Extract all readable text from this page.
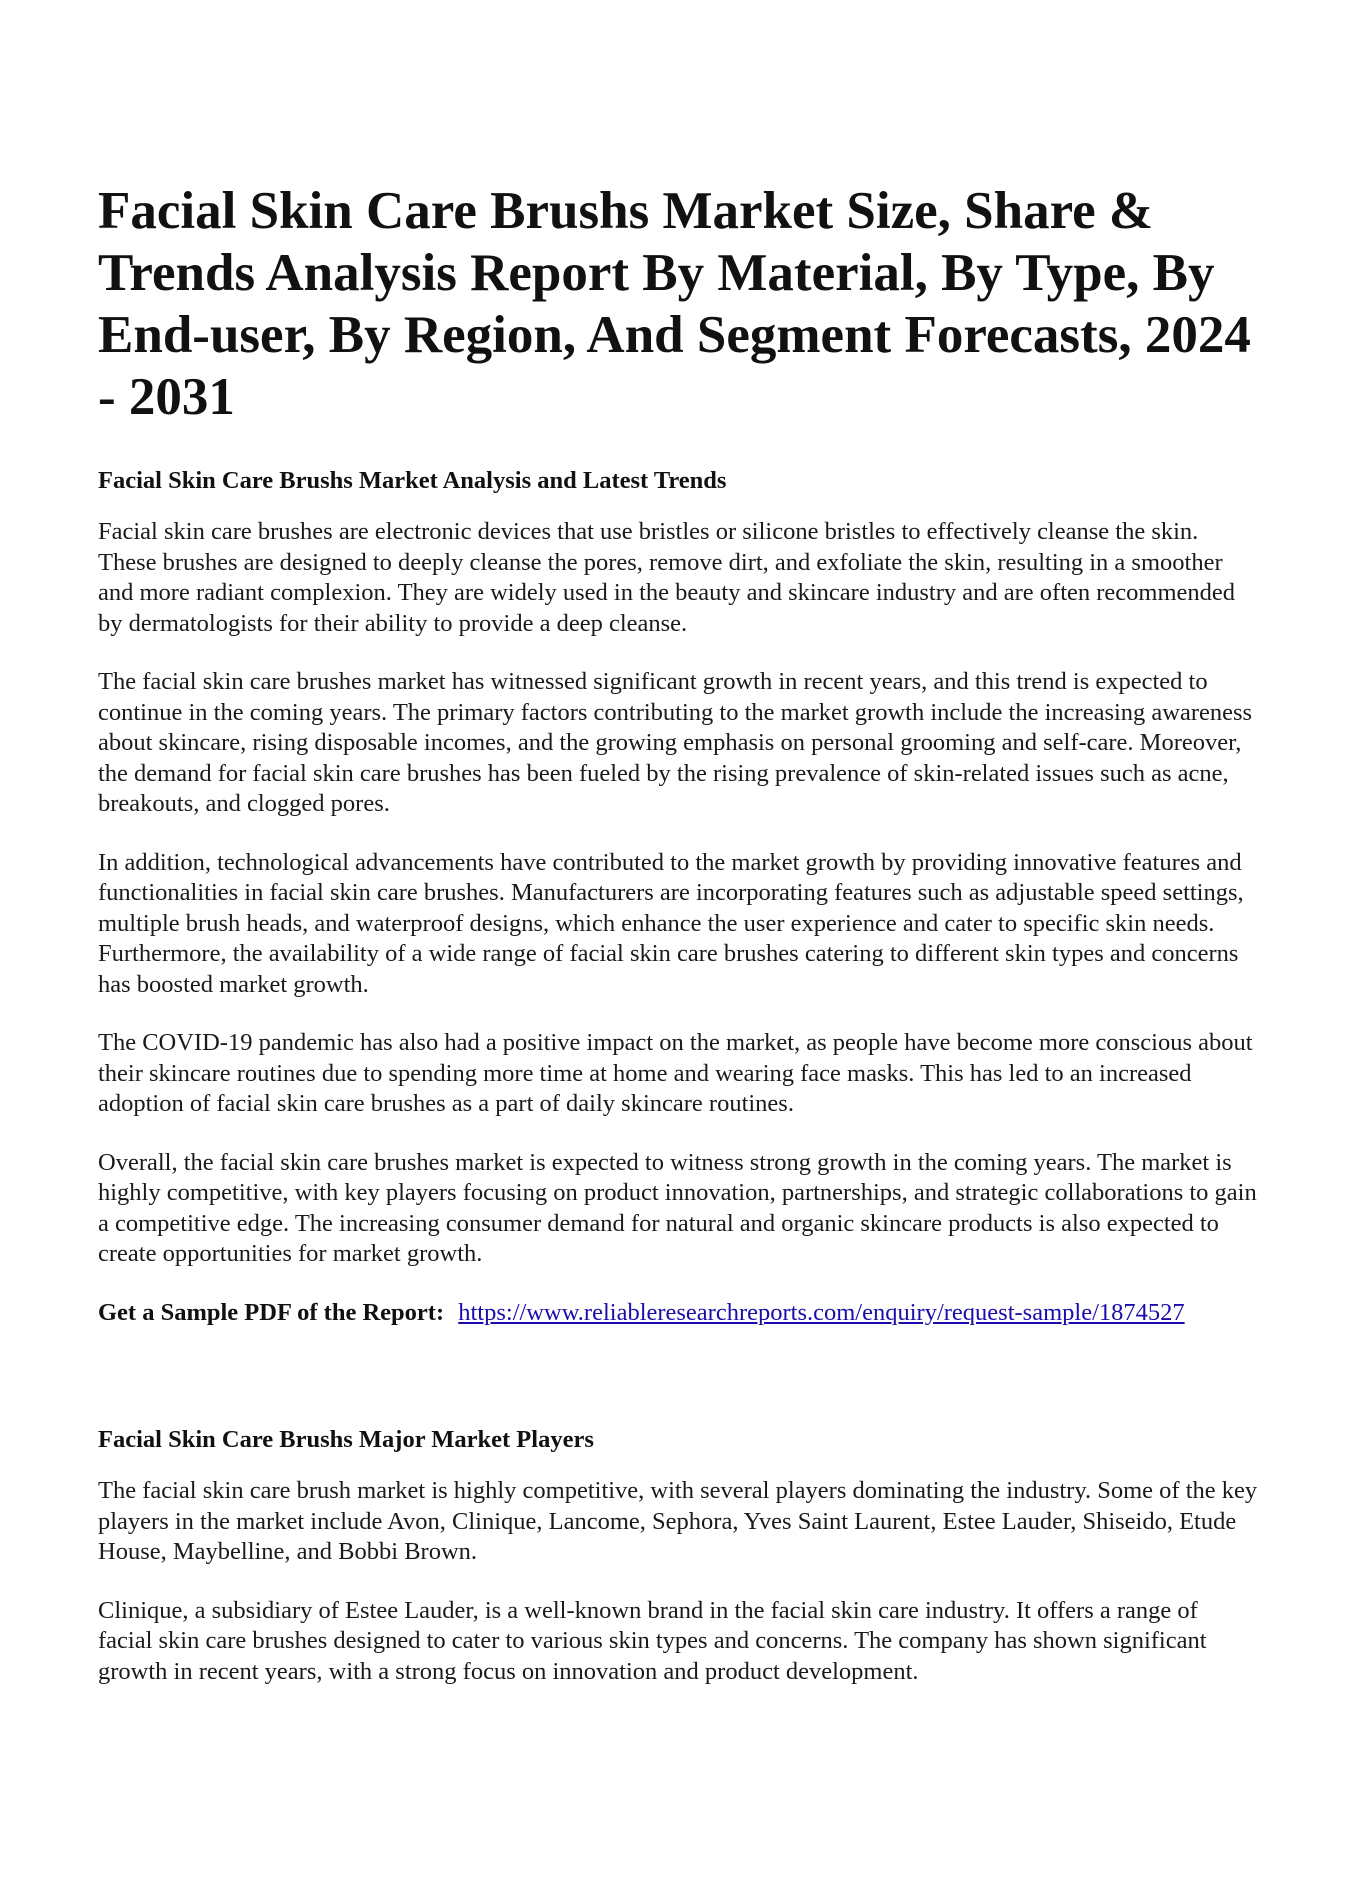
Facial Skin Care Brushs Market Size, Share & Trends Analysis Report By Material, By Type, By End-user, By Region, And Segment Forecasts, 2024 - 2031
Facial Skin Care Brushs Market Analysis and Latest Trends

Facial skin care brushes are electronic devices that use bristles or silicone bristles to effectively cleanse the skin. These brushes are designed to deeply cleanse the pores, remove dirt, and exfoliate the skin, resulting in a smoother and more radiant complexion. They are widely used in the beauty and skincare industry and are often recommended by dermatologists for their ability to provide a deep cleanse.

The facial skin care brushes market has witnessed significant growth in recent years, and this trend is expected to continue in the coming years. The primary factors contributing to the market growth include the increasing awareness about skincare, rising disposable incomes, and the growing emphasis on personal grooming and self-care. Moreover, the demand for facial skin care brushes has been fueled by the rising prevalence of skin-related issues such as acne, breakouts, and clogged pores.

In addition, technological advancements have contributed to the market growth by providing innovative features and functionalities in facial skin care brushes. Manufacturers are incorporating features such as adjustable speed settings, multiple brush heads, and waterproof designs, which enhance the user experience and cater to specific skin needs. Furthermore, the availability of a wide range of facial skin care brushes catering to different skin types and concerns has boosted market growth.

The COVID-19 pandemic has also had a positive impact on the market, as people have become more conscious about their skincare routines due to spending more time at home and wearing face masks. This has led to an increased adoption of facial skin care brushes as a part of daily skincare routines.

Overall, the facial skin care brushes market is expected to witness strong growth in the coming years. The market is highly competitive, with key players focusing on product innovation, partnerships, and strategic collaborations to gain a competitive edge. The increasing consumer demand for natural and organic skincare products is also expected to create opportunities for market growth.

Get a Sample PDF of the Report: https://www.reliableresearchreports.com/enquiry/request-sample/1874527
Facial Skin Care Brushs Major Market Players

The facial skin care brush market is highly competitive, with several players dominating the industry. Some of the key players in the market include Avon, Clinique, Lancome, Sephora, Yves Saint Laurent, Estee Lauder, Shiseido, Etude House, Maybelline, and Bobbi Brown.

Clinique, a subsidiary of Estee Lauder, is a well-known brand in the facial skin care industry. It offers a range of facial skin care brushes designed to cater to various skin types and concerns. The company has shown significant growth in recent years, with a strong focus on innovation and product development.
